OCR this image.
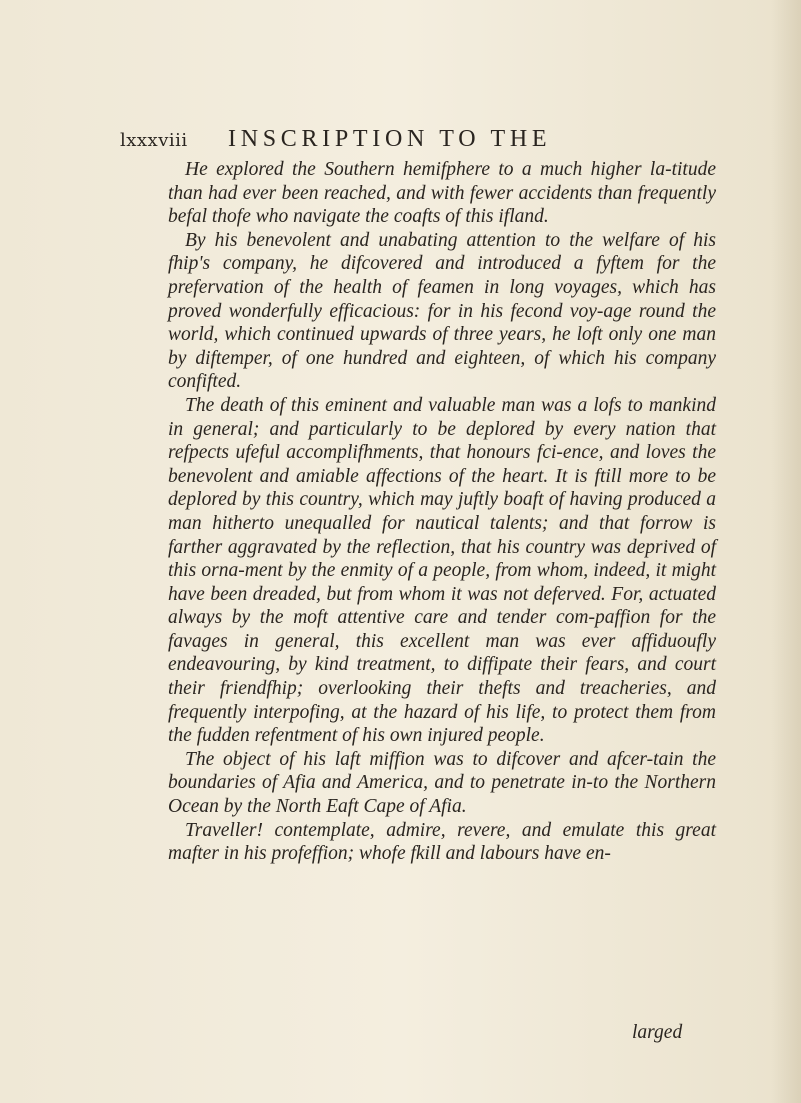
lxxxviii INSCRIPTION TO THE

He explored the Southern hemifphere to a much higher la-titude than had ever been reached, and with fewer accidents than frequently befal thofe who navigate the coafts of this ifland.

By his benevolent and unabating attention to the welfare of his fhip's company, he difcovered and introduced a fyftem for the prefervation of the health of feamen in long voyages, which has proved wonderfully efficacious: for in his fecond voy-age round the world, which continued upwards of three years, he loft only one man by diftemper, of one hundred and eighteen, of which his company confifted.

The death of this eminent and valuable man was a lofs to mankind in general; and particularly to be deplored by every nation that refpects ufeful accomplifhments, that honours fci-ence, and loves the benevolent and amiable affections of the heart. It is ftill more to be deplored by this country, which may juftly boaft of having produced a man hitherto unequalled for nautical talents; and that forrow is farther aggravated by the reflection, that his country was deprived of this orna-ment by the enmity of a people, from whom, indeed, it might have been dreaded, but from whom it was not deferved. For, actuated always by the moft attentive care and tender com-paffion for the favages in general, this excellent man was ever affiduoufly endeavouring, by kind treatment, to diffipate their fears, and court their friendfhip; overlooking their thefts and treacheries, and frequently interpofing, at the hazard of his life, to protect them from the fudden refentment of his own injured people.

The object of his laft miffion was to difcover and afcer-tain the boundaries of Afia and America, and to penetrate in-to the Northern Ocean by the North Eaft Cape of Afia.

Traveller! contemplate, admire, revere, and emulate this great mafter in his profeffion; whofe fkill and labours have en-

larged
